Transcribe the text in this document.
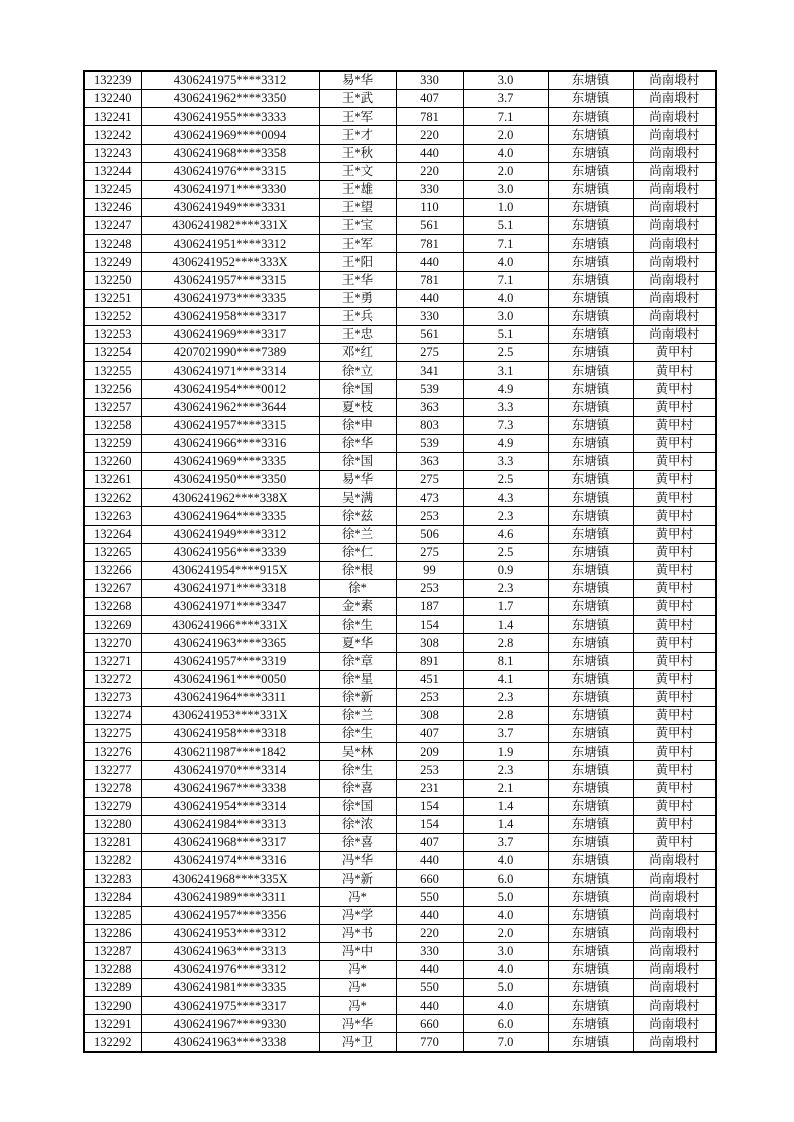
132239	4306241975****3312	易*华	330	3.0	东塘镇	尚南塅村
132240	4306241962****3350	王*武	407	3.7	东塘镇	尚南塅村
132241	4306241955****3333	王*军	781	7.1	东塘镇	尚南塅村
132242	4306241969****0094	王*才	220	2.0	东塘镇	尚南塅村
132243	4306241968****3358	王*秋	440	4.0	东塘镇	尚南塅村
132244	4306241976****3315	王*文	220	2.0	东塘镇	尚南塅村
132245	4306241971****3330	王*雄	330	3.0	东塘镇	尚南塅村
132246	4306241949****3331	王*望	110	1.0	东塘镇	尚南塅村
132247	4306241982****331X	王*宝	561	5.1	东塘镇	尚南塅村
132248	4306241951****3312	王*军	781	7.1	东塘镇	尚南塅村
132249	4306241952****333X	王*阳	440	4.0	东塘镇	尚南塅村
132250	4306241957****3315	王*华	781	7.1	东塘镇	尚南塅村
132251	4306241973****3335	王*勇	440	4.0	东塘镇	尚南塅村
132252	4306241958****3317	王*兵	330	3.0	东塘镇	尚南塅村
132253	4306241969****3317	王*忠	561	5.1	东塘镇	尚南塅村
132254	4207021990****7389	邓*红	275	2.5	东塘镇	黄甲村
132255	4306241971****3314	徐*立	341	3.1	东塘镇	黄甲村
132256	4306241954****0012	徐*国	539	4.9	东塘镇	黄甲村
132257	4306241962****3644	夏*枝	363	3.3	东塘镇	黄甲村
132258	4306241957****3315	徐*申	803	7.3	东塘镇	黄甲村
132259	4306241966****3316	徐*华	539	4.9	东塘镇	黄甲村
132260	4306241969****3335	徐*国	363	3.3	东塘镇	黄甲村
132261	4306241950****3350	易*华	275	2.5	东塘镇	黄甲村
132262	4306241962****338X	吴*满	473	4.3	东塘镇	黄甲村
132263	4306241964****3335	徐*兹	253	2.3	东塘镇	黄甲村
132264	4306241949****3312	徐*兰	506	4.6	东塘镇	黄甲村
132265	4306241956****3339	徐*仁	275	2.5	东塘镇	黄甲村
132266	4306241954****915X	徐*根	99	0.9	东塘镇	黄甲村
132267	4306241971****3318	徐*	253	2.3	东塘镇	黄甲村
132268	4306241971****3347	金*素	187	1.7	东塘镇	黄甲村
132269	4306241966****331X	徐*生	154	1.4	东塘镇	黄甲村
132270	4306241963****3365	夏*华	308	2.8	东塘镇	黄甲村
132271	4306241957****3319	徐*章	891	8.1	东塘镇	黄甲村
132272	4306241961****0050	徐*星	451	4.1	东塘镇	黄甲村
132273	4306241964****3311	徐*新	253	2.3	东塘镇	黄甲村
132274	4306241953****331X	徐*兰	308	2.8	东塘镇	黄甲村
132275	4306241958****3318	徐*生	407	3.7	东塘镇	黄甲村
132276	4306211987****1842	吴*林	209	1.9	东塘镇	黄甲村
132277	4306241970****3314	徐*生	253	2.3	东塘镇	黄甲村
132278	4306241967****3338	徐*喜	231	2.1	东塘镇	黄甲村
132279	4306241954****3314	徐*国	154	1.4	东塘镇	黄甲村
132280	4306241984****3313	徐*浓	154	1.4	东塘镇	黄甲村
132281	4306241968****3317	徐*喜	407	3.7	东塘镇	黄甲村
132282	4306241974****3316	冯*华	440	4.0	东塘镇	尚南塅村
132283	4306241968****335X	冯*新	660	6.0	东塘镇	尚南塅村
132284	4306241989****3311	冯*	550	5.0	东塘镇	尚南塅村
132285	4306241957****3356	冯*学	440	4.0	东塘镇	尚南塅村
132286	4306241953****3312	冯*书	220	2.0	东塘镇	尚南塅村
132287	4306241963****3313	冯*中	330	3.0	东塘镇	尚南塅村
132288	4306241976****3312	冯*	440	4.0	东塘镇	尚南塅村
132289	4306241981****3335	冯*	550	5.0	东塘镇	尚南塅村
132290	4306241975****3317	冯*	440	4.0	东塘镇	尚南塅村
132291	4306241967****9330	冯*华	660	6.0	东塘镇	尚南塅村
132292	4306241963****3338	冯*卫	770	7.0	东塘镇	尚南塅村
